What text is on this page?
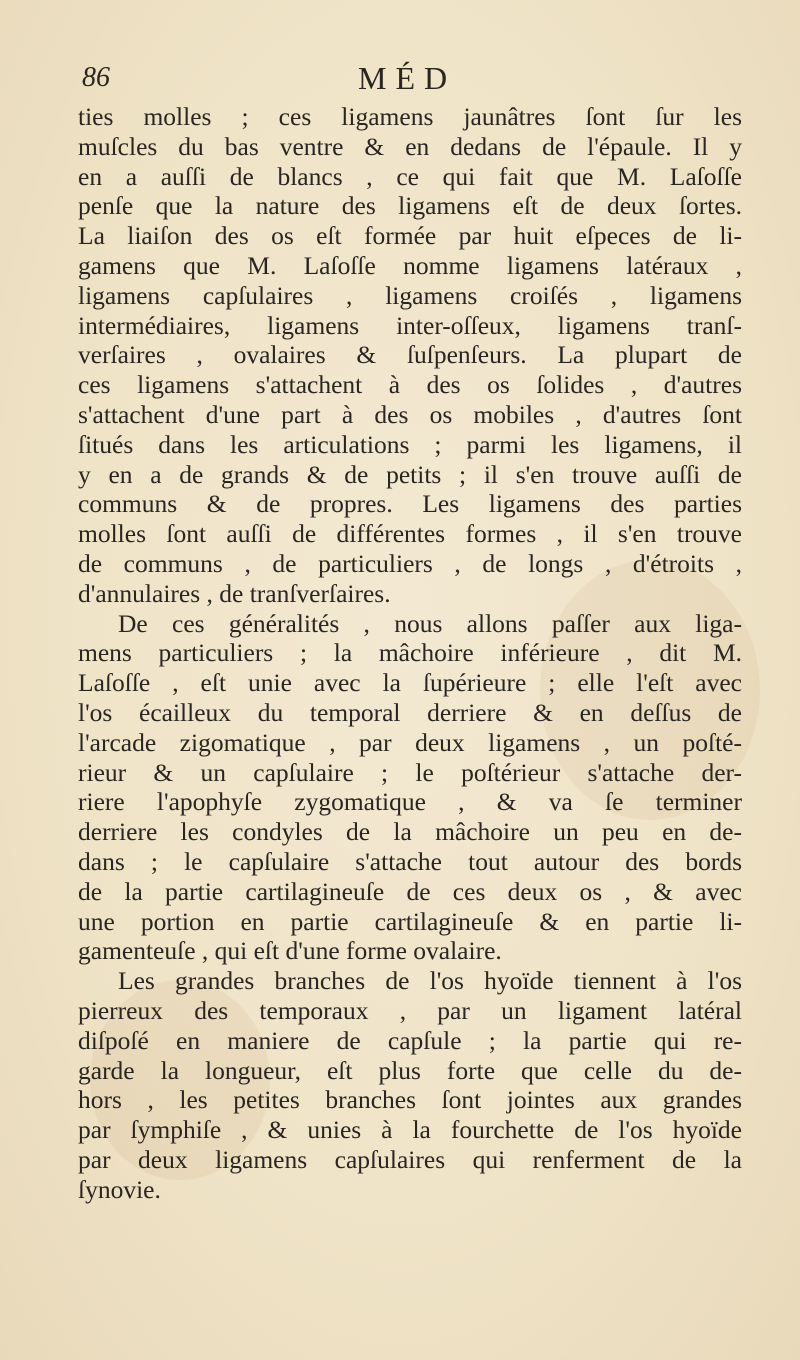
86	MÉD
ties molles ; ces ligamens jaunâtres ſont ſur les
muſcles du bas ventre & en dedans de l'épaule. Il y
en a auſſi de blancs , ce qui fait que M. Laſoſſe
penſe que la nature des ligamens eſt de deux ſortes.
La liaiſon des os eſt formée par huit eſpeces de li-
gamens que M. Laſoſſe nomme ligamens latéraux ,
ligamens capſulaires , ligamens croiſés , ligamens
intermédiaires, ligamens inter-oſſeux, ligamens tranſ-
verſaires , ovalaires & ſuſpenſeurs. La plupart de
ces ligamens s'attachent à des os ſolides , d'autres
s'attachent d'une part à des os mobiles , d'autres ſont
ſitués dans les articulations ; parmi les ligamens, il
y en a de grands & de petits ; il s'en trouve auſſi de
communs & de propres. Les ligamens des parties
molles ſont auſſi de différentes formes , il s'en trouve
de communs , de particuliers , de longs , d'étroits ,
d'annulaires , de tranſverſaires.
De ces généralités , nous allons paſſer aux liga-
mens particuliers ; la mâchoire inférieure , dit M.
Laſoſſe , eſt unie avec la ſupérieure ; elle l'eſt avec
l'os écailleux du temporal derriere & en deſſus de
l'arcade zigomatique , par deux ligamens , un poſté-
rieur & un capſulaire ; le poſtérieur s'attache der-
riere l'apophyſe zygomatique , & va ſe terminer
derriere les condyles de la mâchoire un peu en de-
dans ; le capſulaire s'attache tout autour des bords
de la partie cartilagineuſe de ces deux os , & avec
une portion en partie cartilagineuſe & en partie li-
gamenteuſe , qui eſt d'une forme ovalaire.
Les grandes branches de l'os hyoïde tiennent à l'os
pierreux des temporaux , par un ligament latéral
diſpoſé en maniere de capſule ; la partie qui re-
garde la longueur, eſt plus forte que celle du de-
hors , les petites branches ſont jointes aux grandes
par ſymphiſe , & unies à la fourchette de l'os hyoïde
par deux ligamens capſulaires qui renferment de la
ſynovie.
